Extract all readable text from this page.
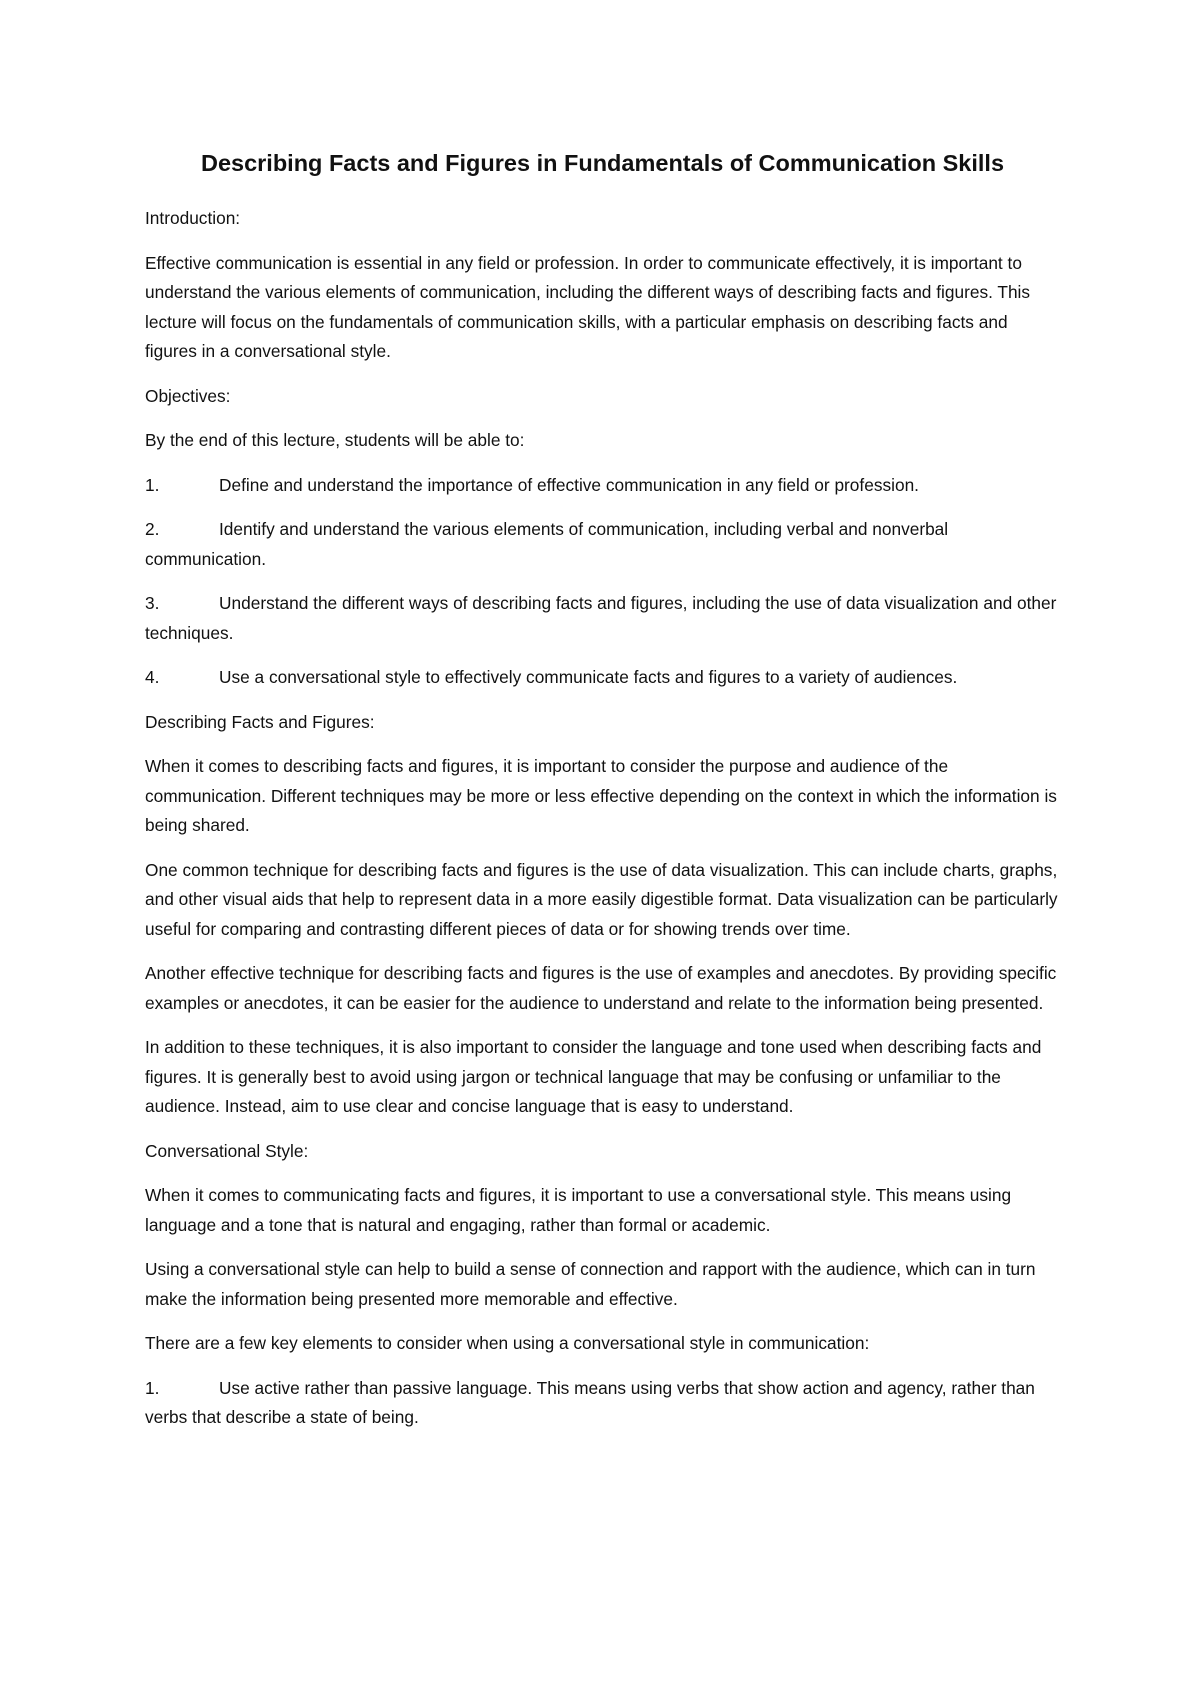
Describing Facts and Figures in Fundamentals of Communication Skills
Introduction:
Effective communication is essential in any field or profession. In order to communicate effectively, it is important to understand the various elements of communication, including the different ways of describing facts and figures. This lecture will focus on the fundamentals of communication skills, with a particular emphasis on describing facts and figures in a conversational style.
Objectives:
By the end of this lecture, students will be able to:
1.	Define and understand the importance of effective communication in any field or profession.
2.	Identify and understand the various elements of communication, including verbal and nonverbal communication.
3.	Understand the different ways of describing facts and figures, including the use of data visualization and other techniques.
4.	Use a conversational style to effectively communicate facts and figures to a variety of audiences.
Describing Facts and Figures:
When it comes to describing facts and figures, it is important to consider the purpose and audience of the communication. Different techniques may be more or less effective depending on the context in which the information is being shared.
One common technique for describing facts and figures is the use of data visualization. This can include charts, graphs, and other visual aids that help to represent data in a more easily digestible format. Data visualization can be particularly useful for comparing and contrasting different pieces of data or for showing trends over time.
Another effective technique for describing facts and figures is the use of examples and anecdotes. By providing specific examples or anecdotes, it can be easier for the audience to understand and relate to the information being presented.
In addition to these techniques, it is also important to consider the language and tone used when describing facts and figures. It is generally best to avoid using jargon or technical language that may be confusing or unfamiliar to the audience. Instead, aim to use clear and concise language that is easy to understand.
Conversational Style:
When it comes to communicating facts and figures, it is important to use a conversational style. This means using language and a tone that is natural and engaging, rather than formal or academic.
Using a conversational style can help to build a sense of connection and rapport with the audience, which can in turn make the information being presented more memorable and effective.
There are a few key elements to consider when using a conversational style in communication:
1.	Use active rather than passive language. This means using verbs that show action and agency, rather than verbs that describe a state of being.
